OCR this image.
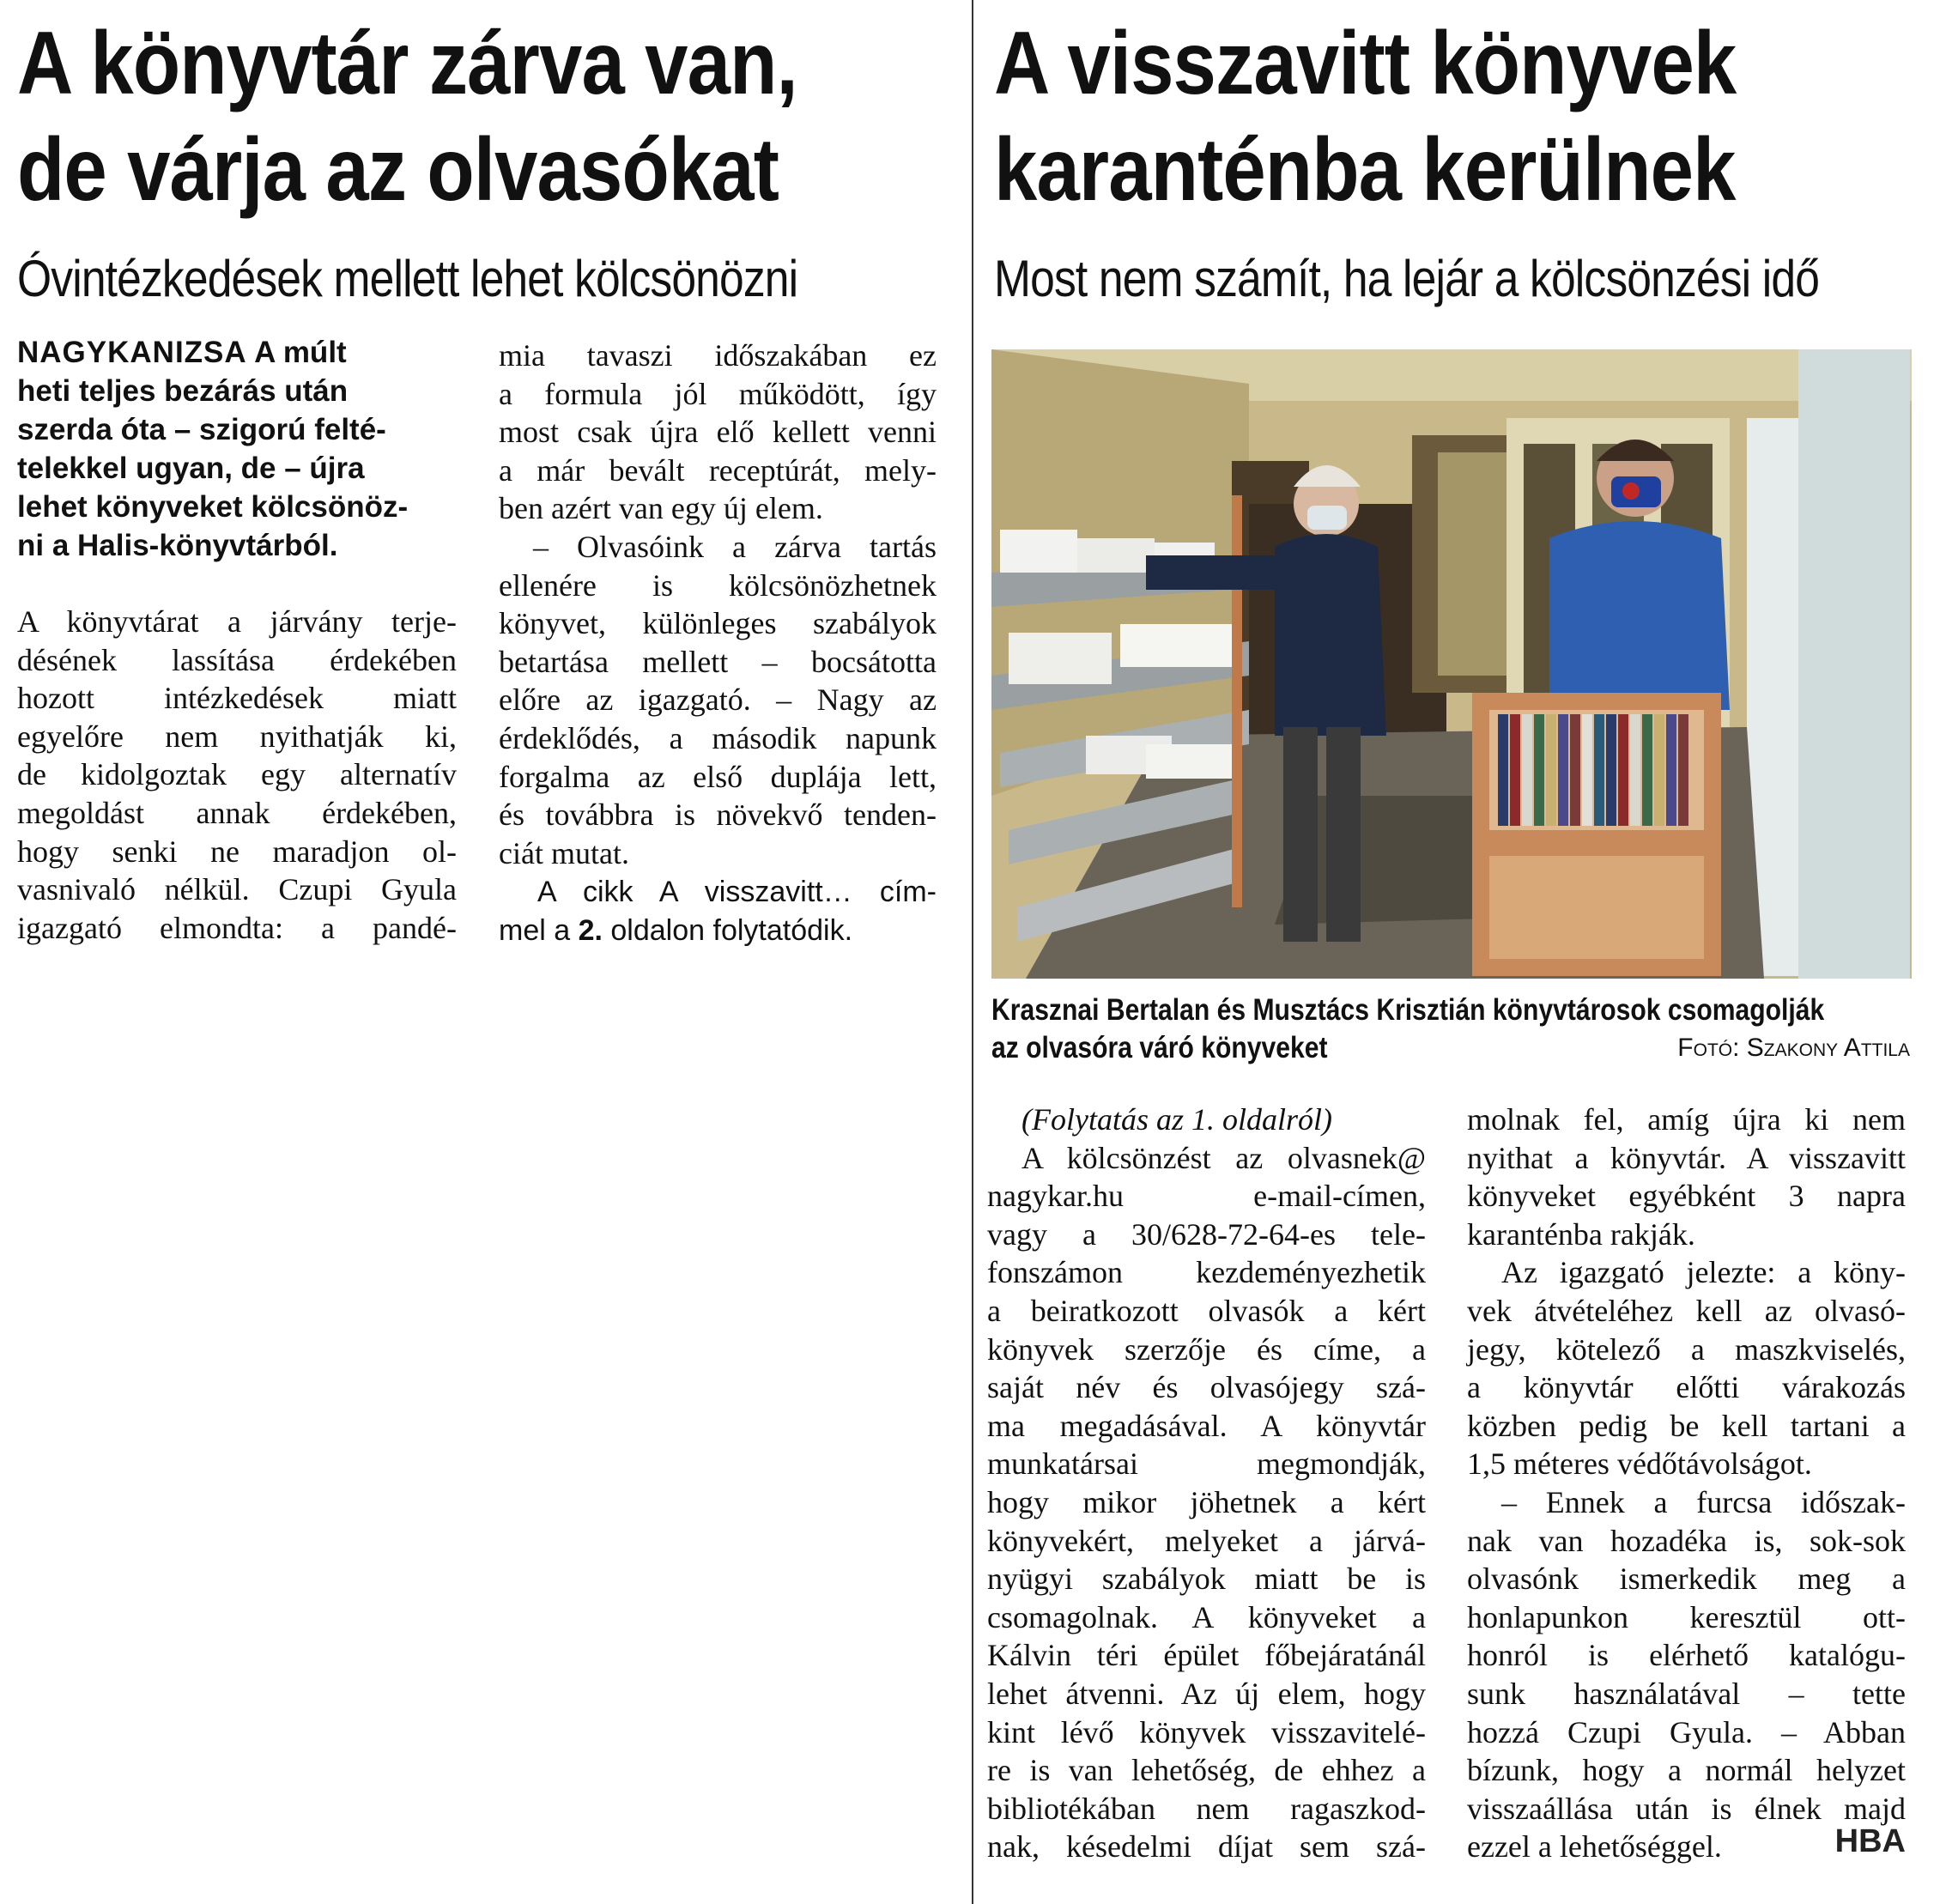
A könyvtár zárva van,
de várja az olvasókat
Óvintézkedések mellett lehet kölcsönözni
NAGYKANIZSA A múlt
heti teljes bezárás után
szerda óta – szigorú felté-
telekkel ugyan, de – újra
lehet könyveket kölcsönöz-
ni a Halis-könyvtárból.
A könyvtárat a járvány terje-
désének lassítása érdekében
hozott intézkedések miatt
egyelőre nem nyithatják ki,
de kidolgoztak egy alternatív
megoldást annak érdekében,
hogy senki ne maradjon ol-
vasnivaló nélkül. Czupi Gyula
igazgató elmondta: a pandé-
mia tavaszi időszakában ez
a formula jól működött, így
most csak újra elő kellett venni
a már bevált receptúrát, mely-
ben azért van egy új elem.
– Olvasóink a zárva tartás
ellenére is kölcsönözhetnek
könyvet, különleges szabályok
betartása mellett – bocsátotta
előre az igazgató. – Nagy az
érdeklődés, a második napunk
forgalma az első duplája lett,
és továbbra is növekvő tenden-
ciát mutat.
A cikk A visszavitt… cím-
mel a 2. oldalon folytatódik.
A visszavitt könyvek
karanténba kerülnek
Most nem számít, ha lejár a kölcsönzési idő
Krasznai Bertalan és Musztács Krisztián könyvtárosok csomagolják
az olvasóra váró könyveket	Fotó: Szakony Attila
(Folytatás az 1. oldalról)
A kölcsönzést az olvasnek@
nagykar.hu e-mail-címen,
vagy a 30/628-72-64-es tele-
fonszámon kezdeményezhetik
a beiratkozott olvasók a kért
könyvek szerzője és címe, a
saját név és olvasójegy szá-
ma megadásával. A könyvtár
munkatársai megmondják,
hogy mikor jöhetnek a kért
könyvekért, melyeket a járvá-
nyügyi szabályok miatt be is
csomagolnak. A könyveket a
Kálvin téri épület főbejáratánál
lehet átvenni. Az új elem, hogy
kint lévő könyvek visszavitelé-
re is van lehetőség, de ehhez a
bibliotékában nem ragaszkod-
nak, késedelmi díjat sem szá-
molnak fel, amíg újra ki nem
nyithat a könyvtár. A visszavitt
könyveket egyébként 3 napra
karanténba rakják.
Az igazgató jelezte: a köny-
vek átvételéhez kell az olvasó-
jegy, kötelező a maszkviselés,
a könyvtár előtti várakozás
közben pedig be kell tartani a
1,5 méteres védőtávolságot.
– Ennek a furcsa időszak-
nak van hozadéka is, sok-sok
olvasónk ismerkedik meg a
honlapunkon keresztül ott-
honról is elérhető katalógu-
sunk használatával – tette
hozzá Czupi Gyula. – Abban
bízunk, hogy a normál helyzet
visszaállása után is élnek majd
ezzel a lehetőséggel.	HBA
